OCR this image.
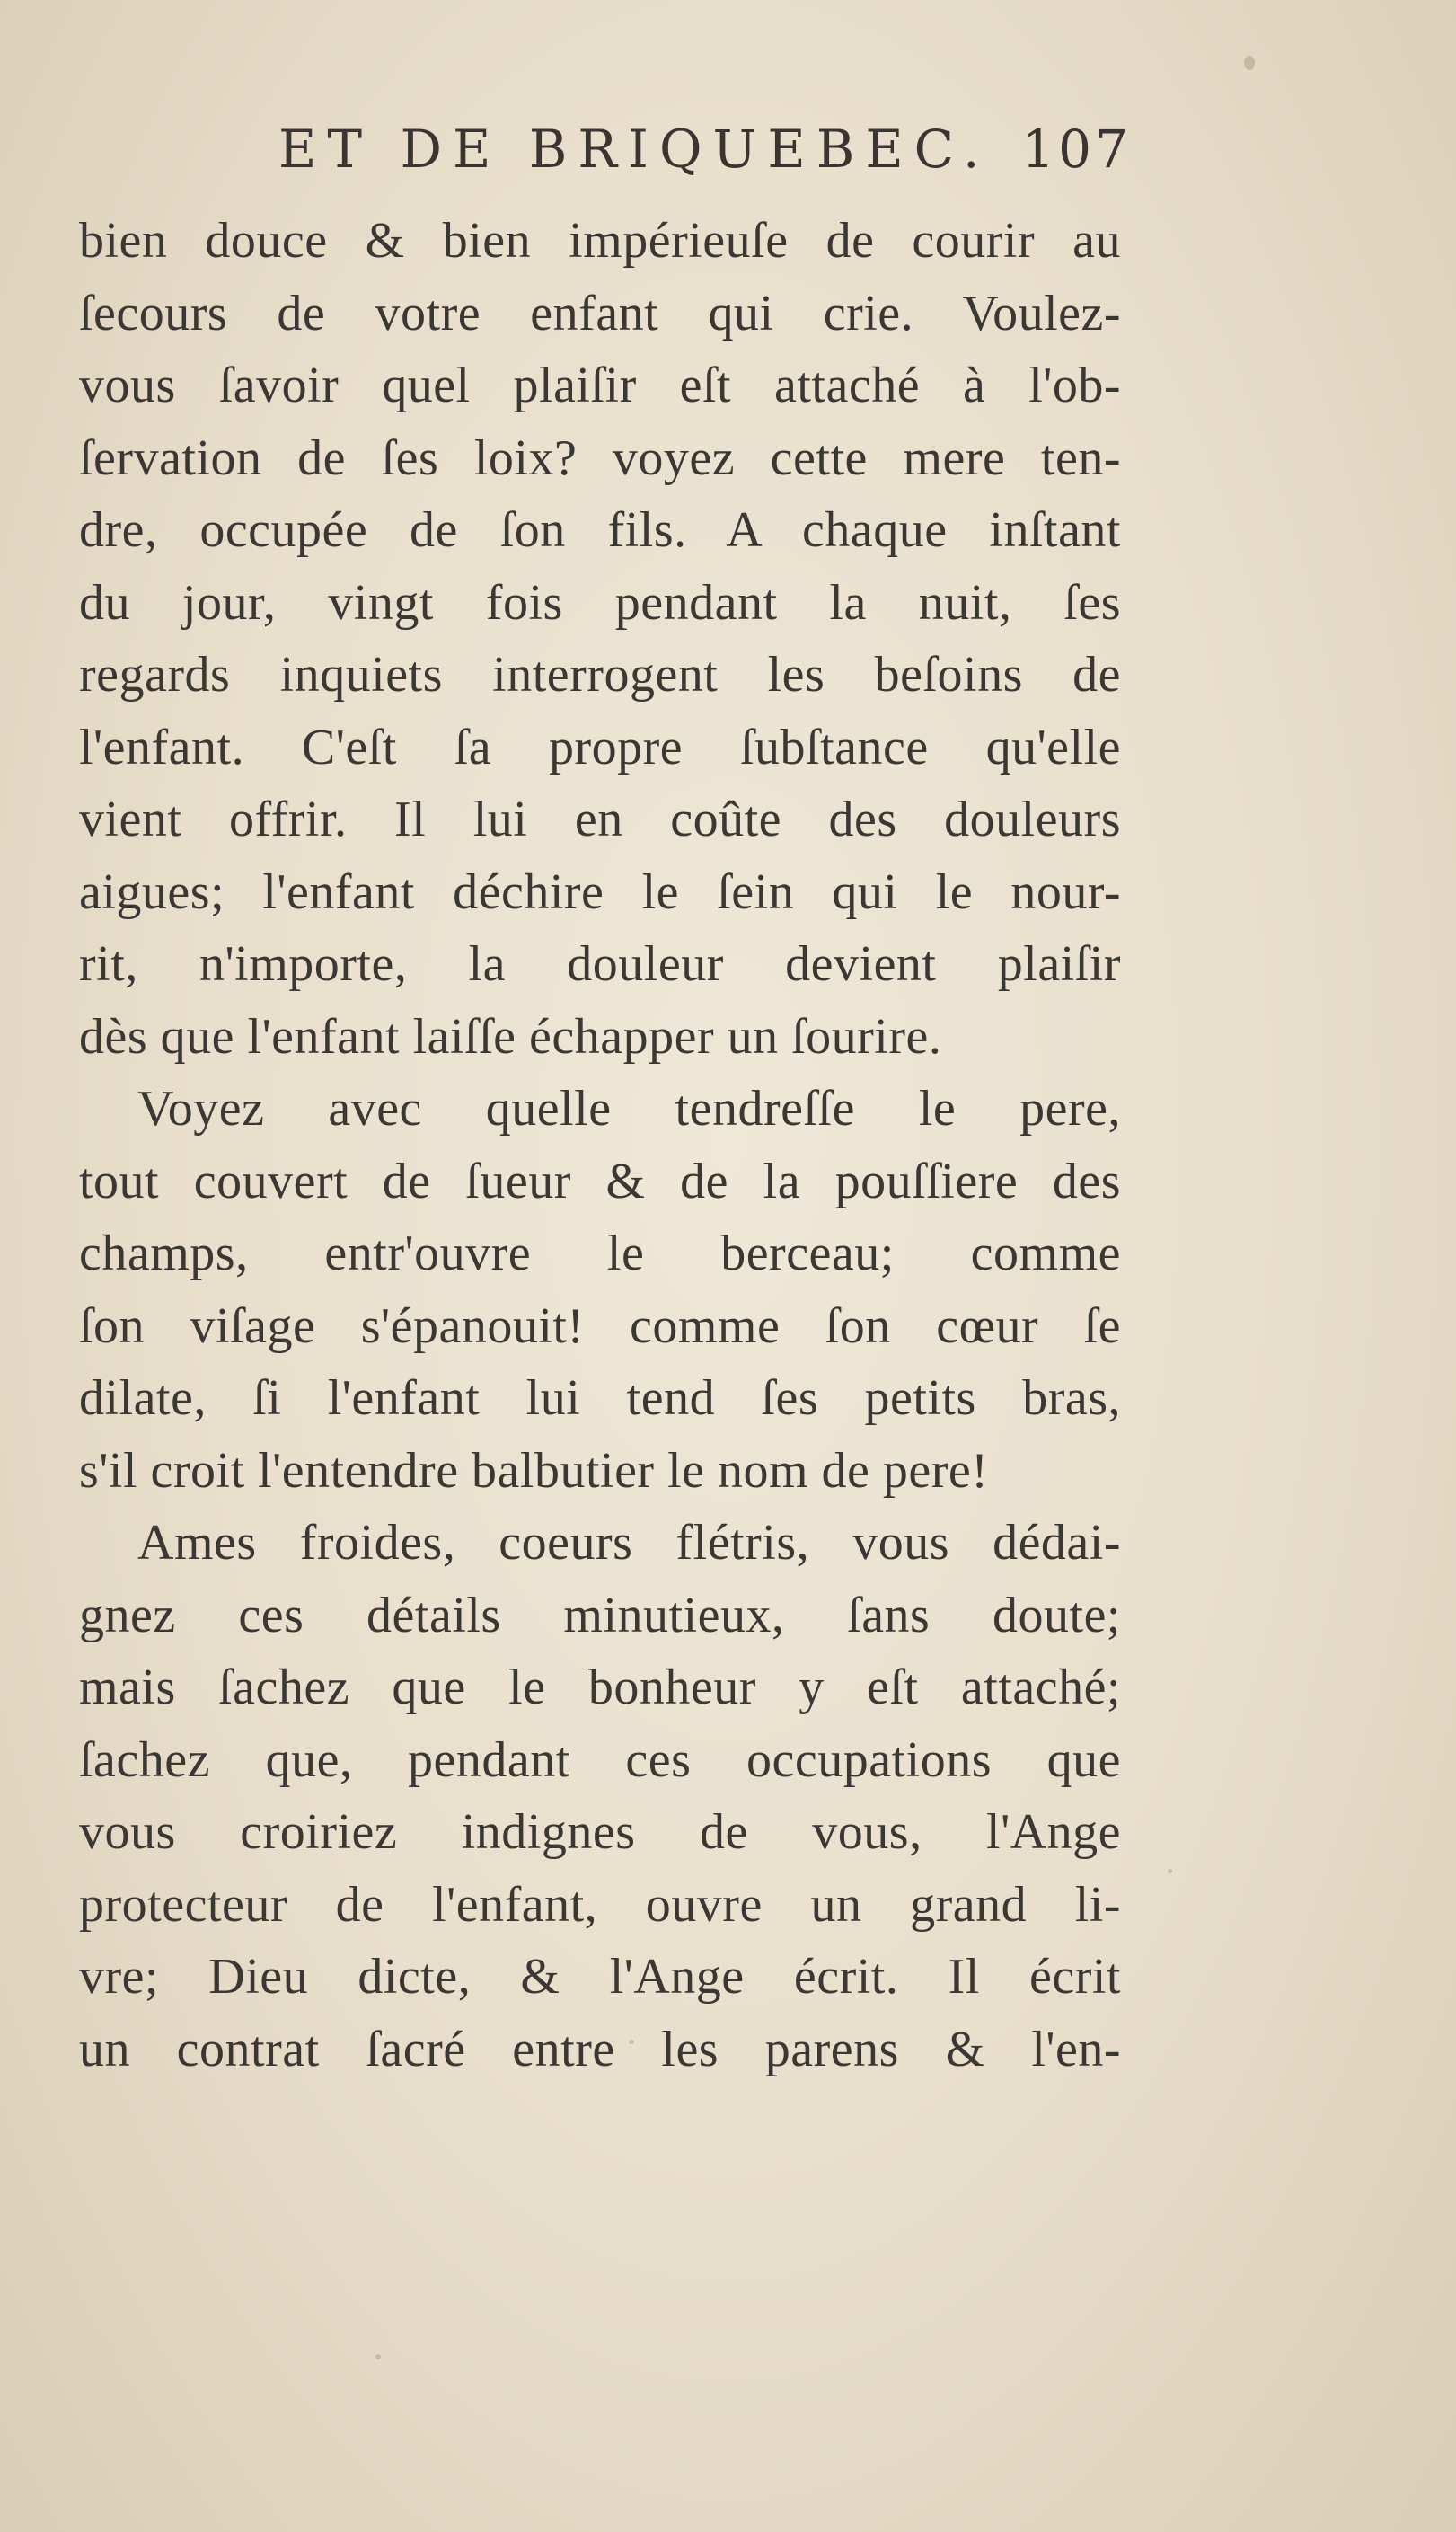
ET DE BRIQUEBEC. 107
bien douce & bien impérieuſe de courir au
ſecours de votre enfant qui crie. Voulez-
vous ſavoir quel plaiſir eſt attaché à l'ob-
ſervation de ſes loix? voyez cette mere ten-
dre, occupée de ſon fils. A chaque inſtant
du jour, vingt fois pendant la nuit, ſes
regards inquiets interrogent les beſoins de
l'enfant. C'eſt ſa propre ſubſtance qu'elle
vient offrir. Il lui en coûte des douleurs
aigues; l'enfant déchire le ſein qui le nour-
rit, n'importe, la douleur devient plaiſir
dès que l'enfant laiſſe échapper un ſourire.
Voyez avec quelle tendreſſe le pere,
tout couvert de ſueur & de la pouſſiere des
champs, entr'ouvre le berceau; comme
ſon viſage s'épanouit! comme ſon cœur ſe
dilate, ſi l'enfant lui tend ſes petits bras,
s'il croit l'entendre balbutier le nom de pere!
Ames froides, coeurs flétris, vous dédai-
gnez ces détails minutieux, ſans doute;
mais ſachez que le bonheur y eſt attaché;
ſachez que, pendant ces occupations que
vous croiriez indignes de vous, l'Ange
protecteur de l'enfant, ouvre un grand li-
vre; Dieu dicte, & l'Ange écrit. Il écrit
un contrat ſacré entre les parens & l'en-
